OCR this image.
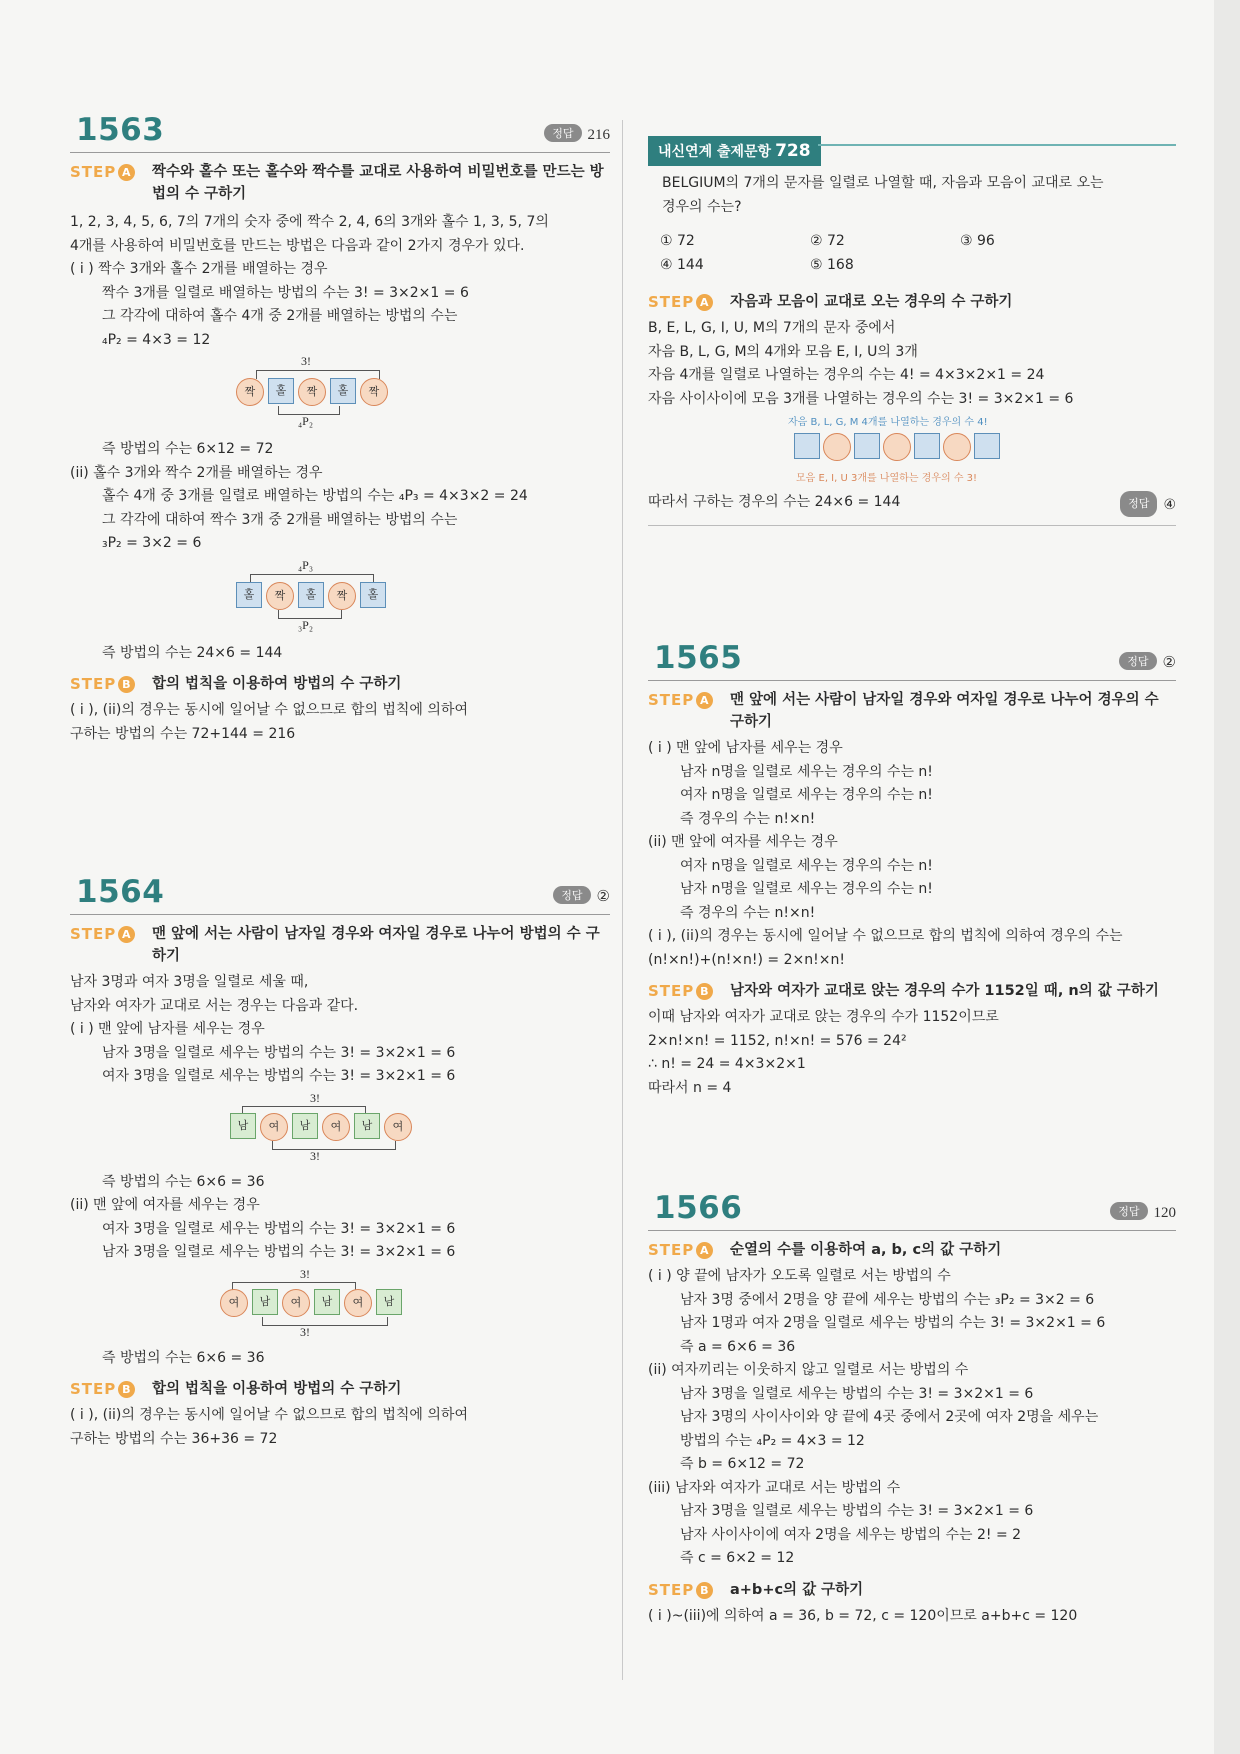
1563	정답 216
STEP A 짝수와 홀수 또는 홀수와 짝수를 교대로 사용하여 비밀번호를 만드는 방법의 수 구하기
1, 2, 3, 4, 5, 6, 7의 7개의 숫자 중에 짝수 2, 4, 6의 3개와 홀수 1, 3, 5, 7의
4개를 사용하여 비밀번호를 만드는 방법은 다음과 같이 2가지 경우가 있다.
( i ) 짝수 3개와 홀수 2개를 배열하는 경우
짝수 3개를 일렬로 배열하는 방법의 수는 3! = 3×2×1 = 6
그 각각에 대하여 홀수 4개 중 2개를 배열하는 방법의 수는
₄P₂ = 4×3 = 12
3!
짝	홀	짝	홀	짝
₄P₂
즉 방법의 수는 6×12 = 72
(ii) 홀수 3개와 짝수 2개를 배열하는 경우
홀수 4개 중 3개를 일렬로 배열하는 방법의 수는 ₄P₃ = 4×3×2 = 24
그 각각에 대하여 짝수 3개 중 2개를 배열하는 방법의 수는
₃P₂ = 3×2 = 6
₄P₃
홀	짝	홀	짝	홀
₃P₂
즉 방법의 수는 24×6 = 144
STEP B 합의 법칙을 이용하여 방법의 수 구하기
( i ), (ii)의 경우는 동시에 일어날 수 없으므로 합의 법칙에 의하여
구하는 방법의 수는 72+144 = 216
1564	정답 ②
STEP A 맨 앞에 서는 사람이 남자일 경우와 여자일 경우로 나누어 방법의 수 구하기
남자 3명과 여자 3명을 일렬로 세울 때,
남자와 여자가 교대로 서는 경우는 다음과 같다.
( i ) 맨 앞에 남자를 세우는 경우
남자 3명을 일렬로 세우는 방법의 수는 3! = 3×2×1 = 6
여자 3명을 일렬로 세우는 방법의 수는 3! = 3×2×1 = 6
3!
남	여	남	여	남	여
3!
즉 방법의 수는 6×6 = 36
(ii) 맨 앞에 여자를 세우는 경우
여자 3명을 일렬로 세우는 방법의 수는 3! = 3×2×1 = 6
남자 3명을 일렬로 세우는 방법의 수는 3! = 3×2×1 = 6
3!
여	남	여	남	여	남
3!
즉 방법의 수는 6×6 = 36
STEP B 합의 법칙을 이용하여 방법의 수 구하기
( i ), (ii)의 경우는 동시에 일어날 수 없으므로 합의 법칙에 의하여
구하는 방법의 수는 36+36 = 72
내신연계 출제문항 728
BELGIUM의 7개의 문자를 일렬로 나열할 때, 자음과 모음이 교대로 오는
경우의 수는?
① 72	② 72	③ 96
④ 144	⑤ 168
STEP A 자음과 모음이 교대로 오는 경우의 수 구하기
B, E, L, G, I, U, M의 7개의 문자 중에서
자음 B, L, G, M의 4개와 모음 E, I, U의 3개
자음 4개를 일렬로 나열하는 경우의 수는 4! = 4×3×2×1 = 24
자음 사이사이에 모음 3개를 나열하는 경우의 수는 3! = 3×2×1 = 6
자음 B, L, G, M 4개를 나열하는 경우의 수 4!
모음 E, I, U 3개를 나열하는 경우의 수 3!
따라서 구하는 경우의 수는 24×6 = 144	정답 ④
1565	정답 ②
STEP A 맨 앞에 서는 사람이 남자일 경우와 여자일 경우로 나누어 경우의 수 구하기
( i ) 맨 앞에 남자를 세우는 경우
남자 n명을 일렬로 세우는 경우의 수는 n!
여자 n명을 일렬로 세우는 경우의 수는 n!
즉 경우의 수는 n!×n!
(ii) 맨 앞에 여자를 세우는 경우
여자 n명을 일렬로 세우는 경우의 수는 n!
남자 n명을 일렬로 세우는 경우의 수는 n!
즉 경우의 수는 n!×n!
( i ), (ii)의 경우는 동시에 일어날 수 없으므로 합의 법칙에 의하여 경우의 수는
(n!×n!)+(n!×n!) = 2×n!×n!
STEP B 남자와 여자가 교대로 앉는 경우의 수가 1152일 때, n의 값 구하기
이때 남자와 여자가 교대로 앉는 경우의 수가 1152이므로
2×n!×n! = 1152, n!×n! = 576 = 24²
∴ n! = 24 = 4×3×2×1
따라서 n = 4
1566	정답 120
STEP A 순열의 수를 이용하여 a, b, c의 값 구하기
( i ) 양 끝에 남자가 오도록 일렬로 서는 방법의 수
남자 3명 중에서 2명을 양 끝에 세우는 방법의 수는 ₃P₂ = 3×2 = 6
남자 1명과 여자 2명을 일렬로 세우는 방법의 수는 3! = 3×2×1 = 6
즉 a = 6×6 = 36
(ii) 여자끼리는 이웃하지 않고 일렬로 서는 방법의 수
남자 3명을 일렬로 세우는 방법의 수는 3! = 3×2×1 = 6
남자 3명의 사이사이와 양 끝에 4곳 중에서 2곳에 여자 2명을 세우는
방법의 수는 ₄P₂ = 4×3 = 12
즉 b = 6×12 = 72
(iii) 남자와 여자가 교대로 서는 방법의 수
남자 3명을 일렬로 세우는 방법의 수는 3! = 3×2×1 = 6
남자 사이사이에 여자 2명을 세우는 방법의 수는 2! = 2
즉 c = 6×2 = 12
STEP B a+b+c의 값 구하기
( i )~(iii)에 의하여 a = 36, b = 72, c = 120이므로 a+b+c = 120
